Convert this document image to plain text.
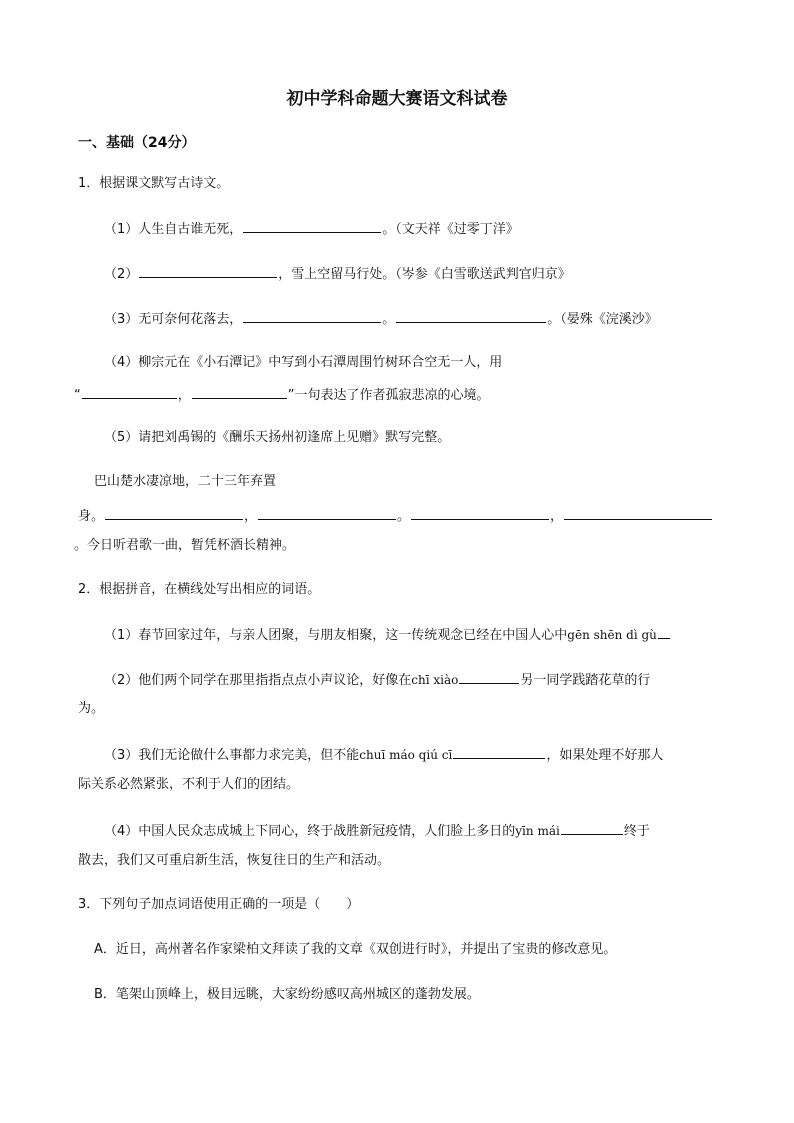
初中学科命题大赛语文科试卷
一、基础（24分）
1．根据课文默写古诗文。
（1）人生自古谁无死，	。（文天祥《过零丁洋》
（2）	，雪上空留马行处。（岑参《白雪歌送武判官归京》
（3）无可奈何花落去，	。	。（晏殊《浣溪沙》
（4）柳宗元在《小石潭记》中写到小石潭周围竹树环合空无一人，用
“	，	”一句表达了作者孤寂悲凉的心境。
（5）请把刘禹锡的《酬乐天扬州初逢席上见赠》默写完整。
巴山楚水凄凉地，二十三年弃置
身。	，	。	，
。今日听君歌一曲，暂凭杯酒长精神。
2．根据拼音，在横线处写出相应的词语。
（1）春节回家过年，与亲人团聚，与朋友相聚，这一传统观念已经在中国人心中gēn shēn dì gù
（2）他们两个同学在那里指指点点小声议论，好像在chī xiào	另一同学践踏花草的行
为。
（3）我们无论做什么事都力求完美，但不能chuī máo qiú cī	，如果处理不好那人
际关系必然紧张，不利于人们的团结。
（4）中国人民众志成城上下同心，终于战胜新冠疫情，人们脸上多日的yīn mái	终于
散去，我们又可重启新生活，恢复往日的生产和活动。
3．下列句子加点词语使用正确的一项是（　　）
A．近日，高州著名作家梁柏文拜读了我的文章《双创进行时》，并提出了宝贵的修改意见。
B．笔架山顶峰上，极目远眺，大家纷纷感叹高州城区的蓬勃发展。
